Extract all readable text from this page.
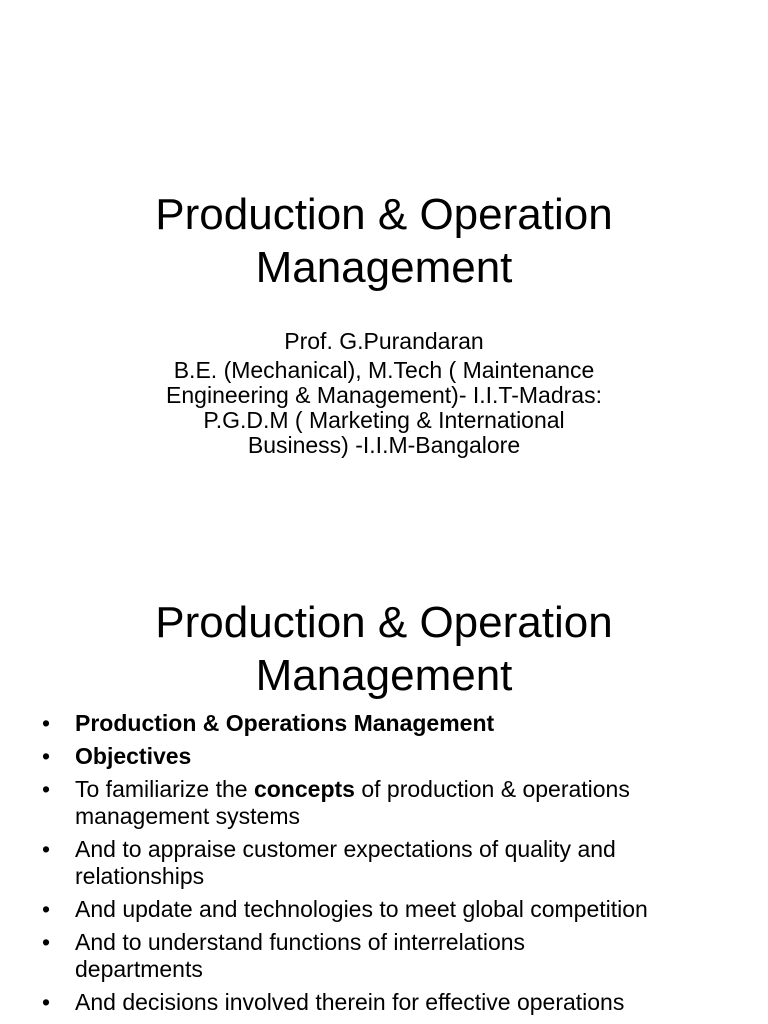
Production & Operation
Management
Prof. G.Purandaran
B.E. (Mechanical), M.Tech ( Maintenance
Engineering & Management)- I.I.T-Madras:
P.G.D.M ( Marketing & International
Business) -I.I.M-Bangalore
Production & Operation
Management
•	Production & Operations Management
•	Objectives
•	To familiarize the concepts of production & operations
management systems
•	And to appraise customer expectations of quality and
relationships
•	And update and technologies to meet global competition
•	And to understand functions of interrelations
departments
•	And decisions involved therein for effective operations
